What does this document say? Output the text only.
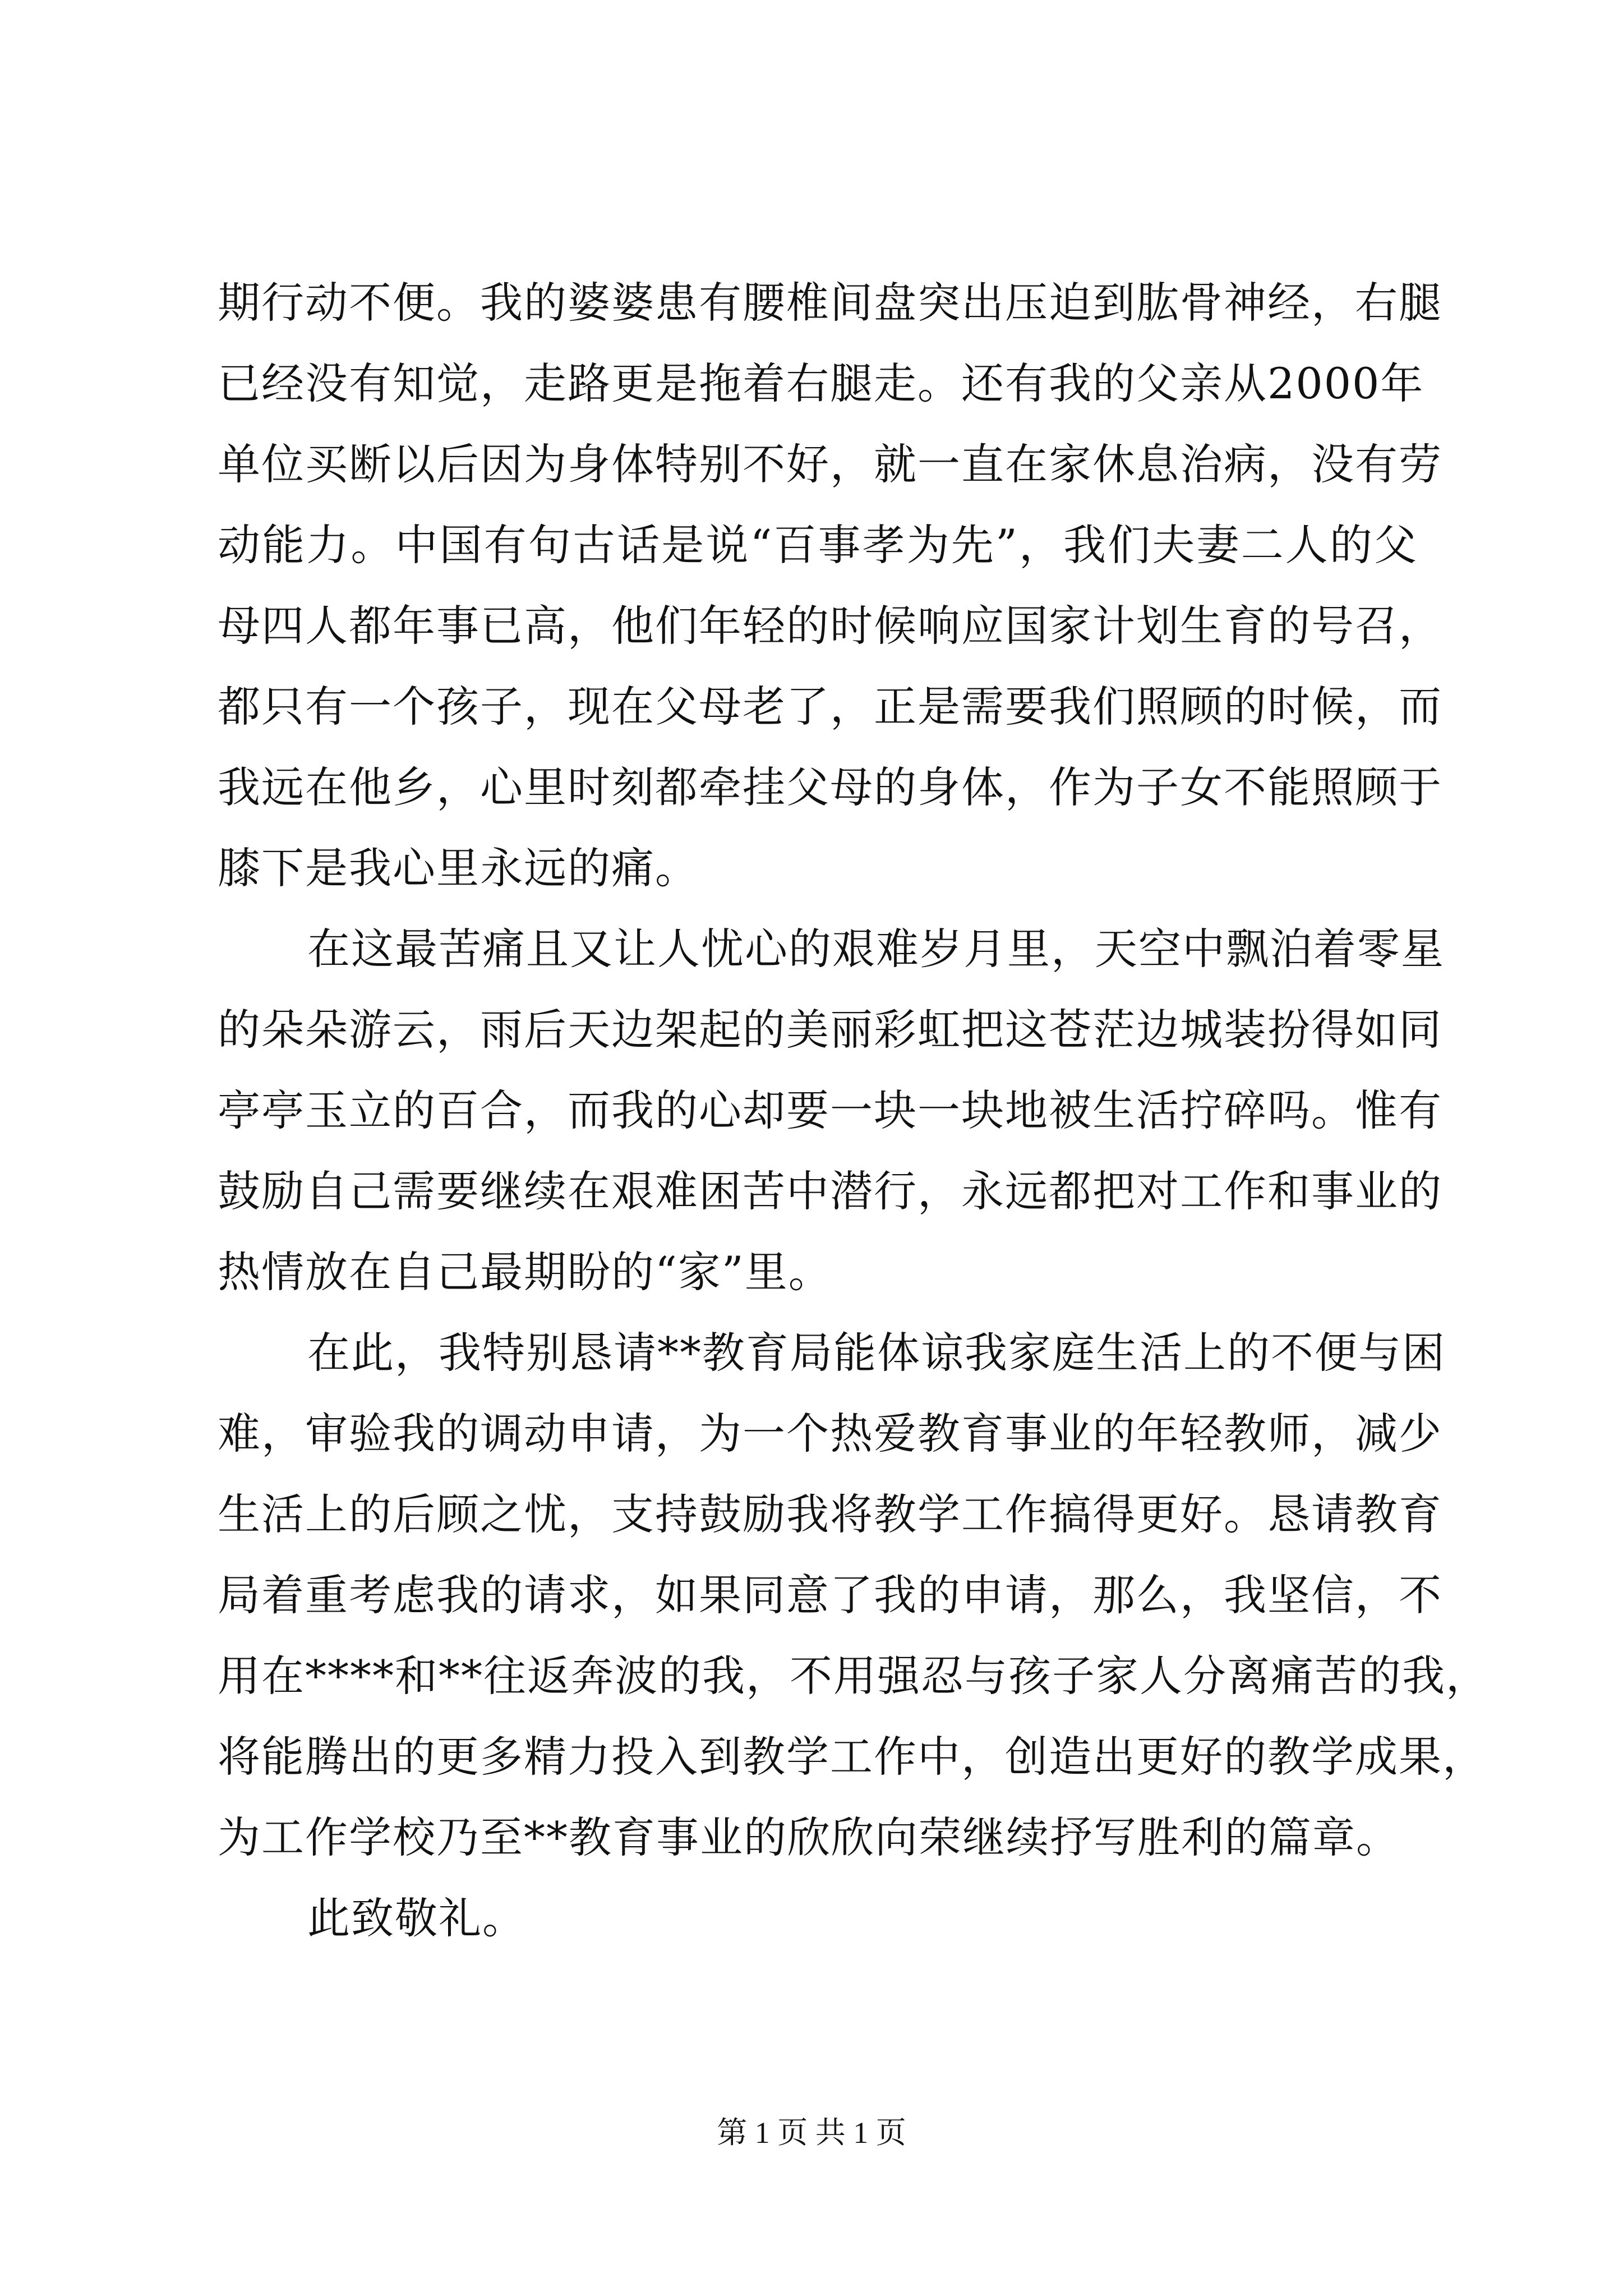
期行动不便。我的婆婆患有腰椎间盘突出压迫到肱骨神经，右腿
已经没有知觉，走路更是拖着右腿走。还有我的父亲从2000年
单位买断以后因为身体特别不好，就一直在家休息治病，没有劳
动能力。中国有句古话是说“百事孝为先”，我们夫妻二人的父
母四人都年事已高，他们年轻的时候响应国家计划生育的号召，
都只有一个孩子，现在父母老了，正是需要我们照顾的时候，而
我远在他乡，心里时刻都牵挂父母的身体，作为子女不能照顾于
膝下是我心里永远的痛。
在这最苦痛且又让人忧心的艰难岁月里，天空中飘泊着零星
的朵朵游云，雨后天边架起的美丽彩虹把这苍茫边城装扮得如同
亭亭玉立的百合，而我的心却要一块一块地被生活拧碎吗。惟有
鼓励自己需要继续在艰难困苦中潜行，永远都把对工作和事业的
热情放在自己最期盼的“家”里。
在此，我特别恳请**教育局能体谅我家庭生活上的不便与困
难，审验我的调动申请，为一个热爱教育事业的年轻教师，减少
生活上的后顾之忧，支持鼓励我将教学工作搞得更好。恳请教育
局着重考虑我的请求，如果同意了我的申请，那么，我坚信，不
用在****和**往返奔波的我，不用强忍与孩子家人分离痛苦的我，
将能腾出的更多精力投入到教学工作中，创造出更好的教学成果，
为工作学校乃至**教育事业的欣欣向荣继续抒写胜利的篇章。
此致敬礼。
第 1 页 共 1 页
